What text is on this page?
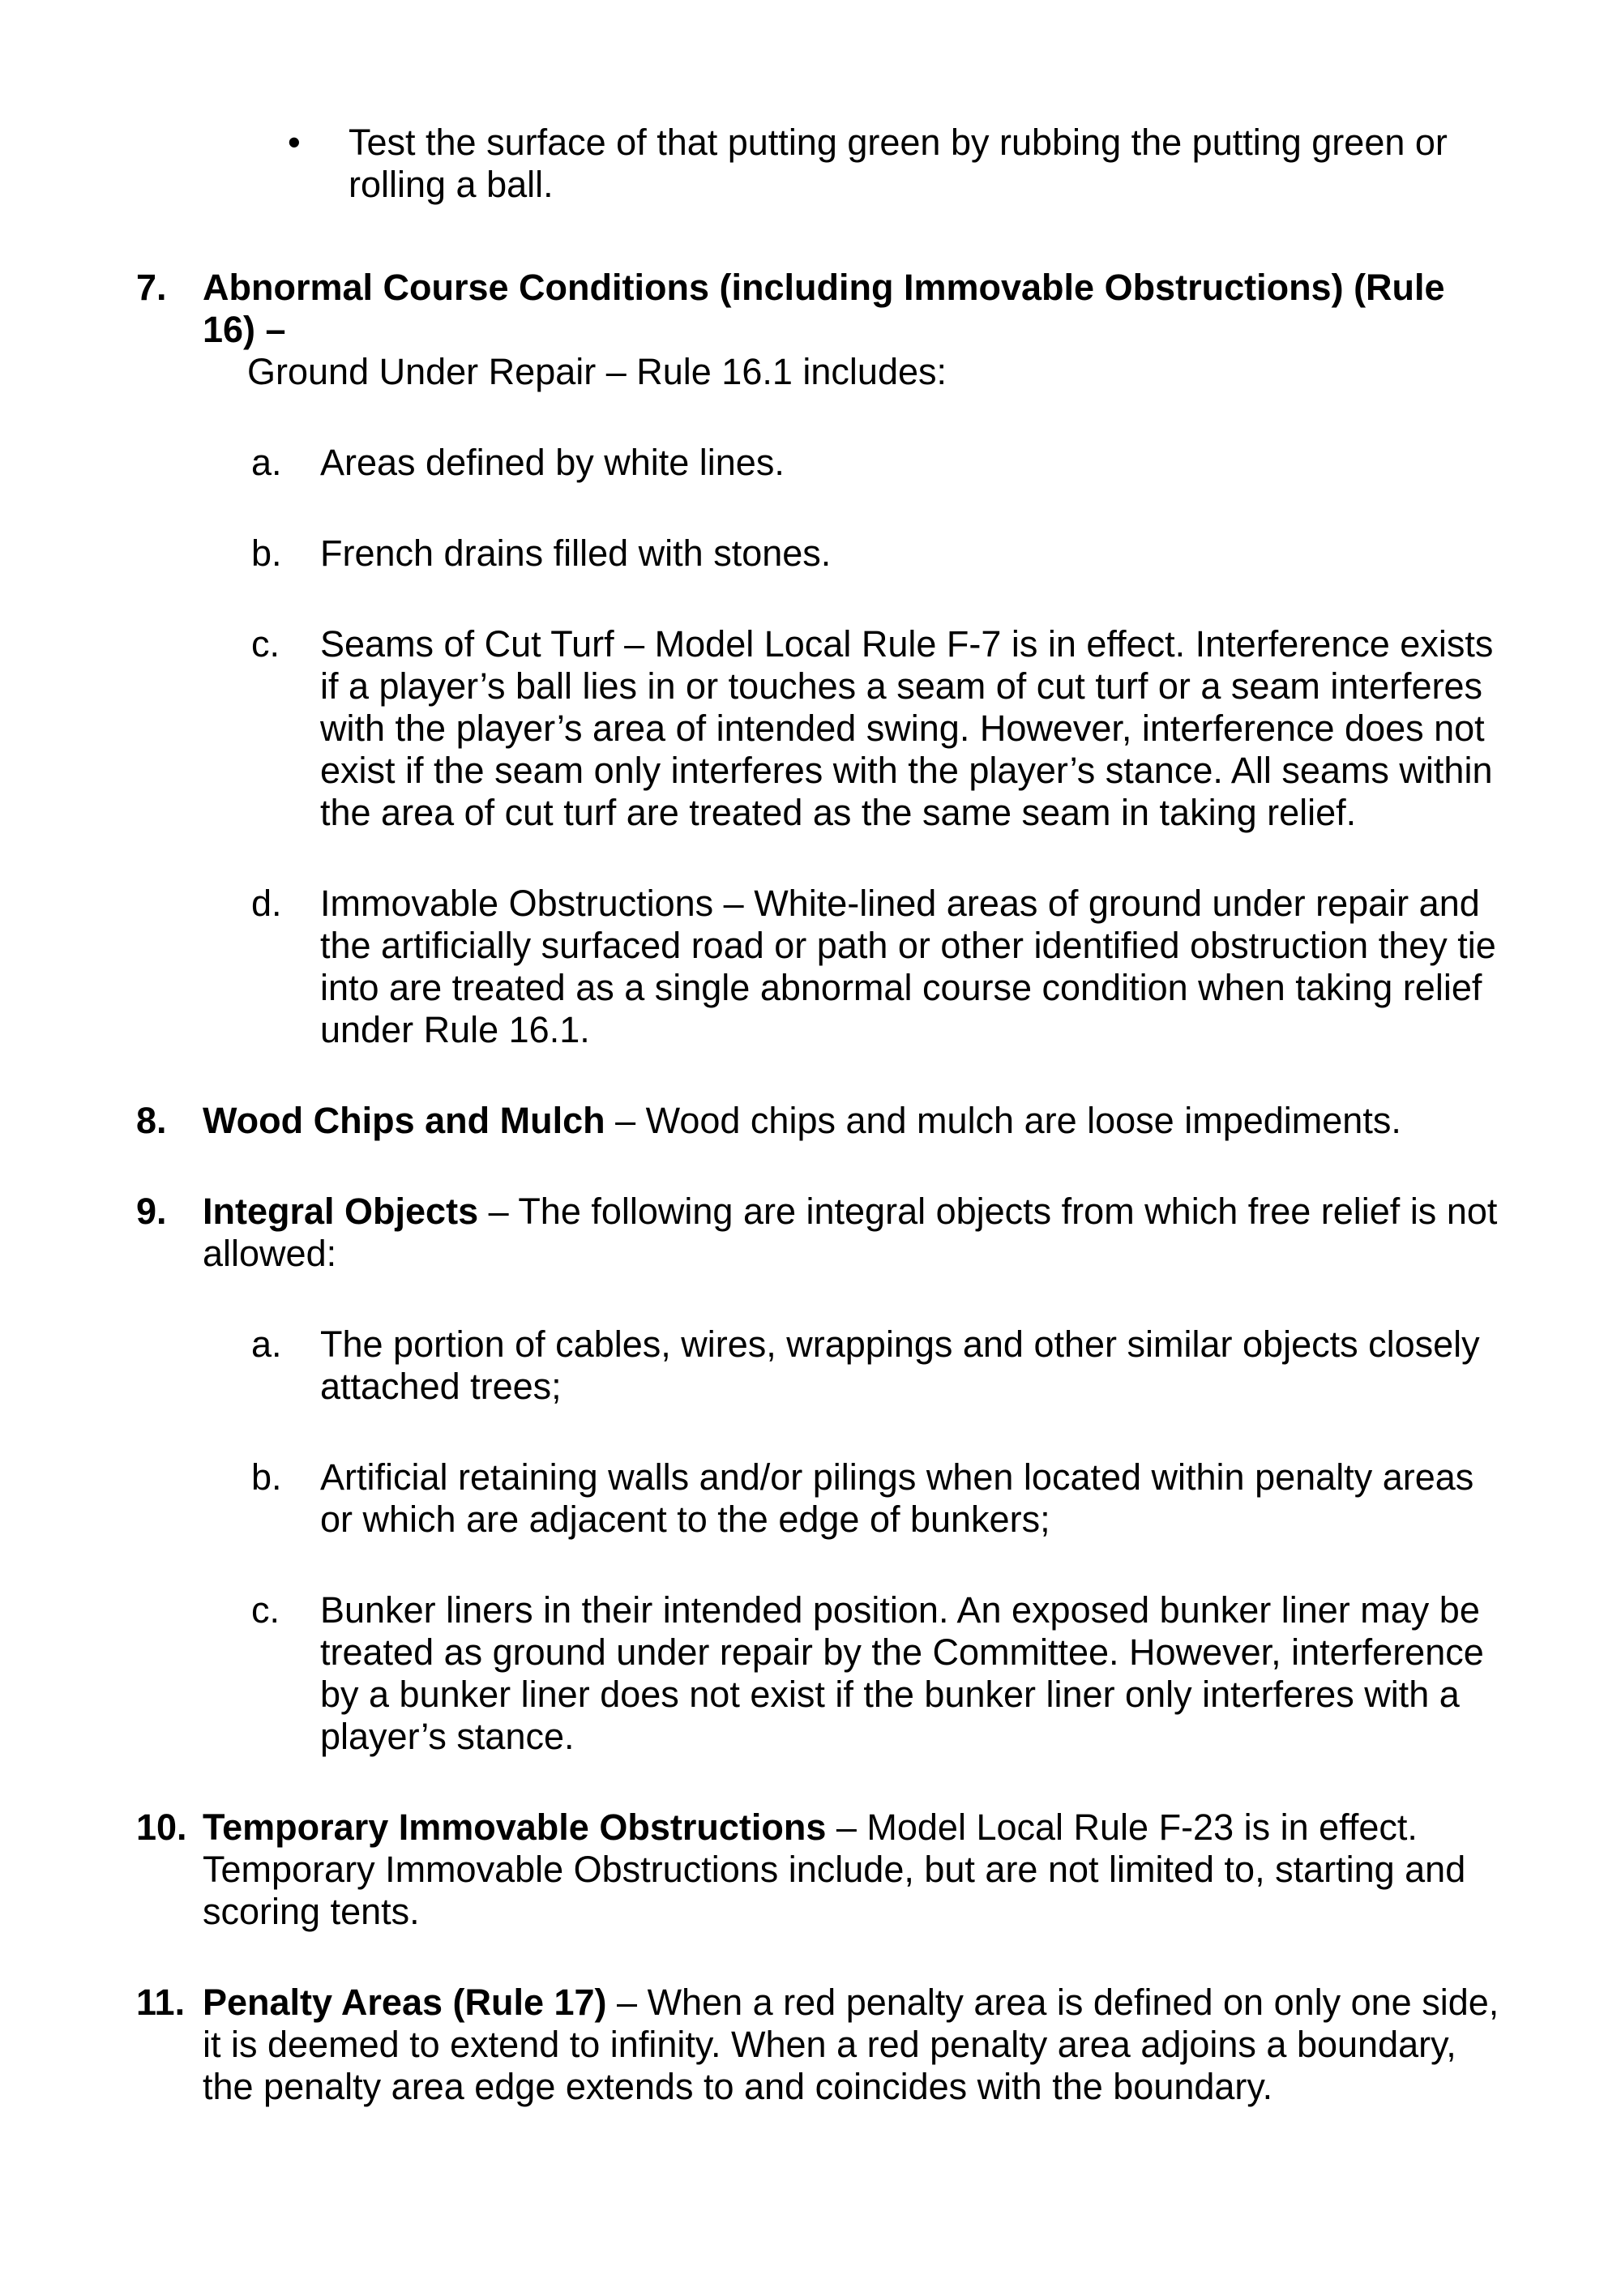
• Test the surface of that putting green by rubbing the putting green or rolling a ball.
7. Abnormal Course Conditions (including Immovable Obstructions) (Rule 16) –
Ground Under Repair – Rule 16.1 includes:
a. Areas defined by white lines.
b. French drains filled with stones.
c. Seams of Cut Turf – Model Local Rule F-7 is in effect. Interference exists if a player’s ball lies in or touches a seam of cut turf or a seam interferes with the player’s area of intended swing. However, interference does not exist if the seam only interferes with the player’s stance. All seams within the area of cut turf are treated as the same seam in taking relief.
d. Immovable Obstructions – White-lined areas of ground under repair and the artificially surfaced road or path or other identified obstruction they tie into are treated as a single abnormal course condition when taking relief under Rule 16.1.
8. Wood Chips and Mulch – Wood chips and mulch are loose impediments.
9. Integral Objects – The following are integral objects from which free relief is not allowed:
a. The portion of cables, wires, wrappings and other similar objects closely attached trees;
b. Artificial retaining walls and/or pilings when located within penalty areas or which are adjacent to the edge of bunkers;
c. Bunker liners in their intended position. An exposed bunker liner may be treated as ground under repair by the Committee. However, interference by a bunker liner does not exist if the bunker liner only interferes with a player’s stance.
10. Temporary Immovable Obstructions – Model Local Rule F-23 is in effect. Temporary Immovable Obstructions include, but are not limited to, starting and scoring tents.
11. Penalty Areas (Rule 17) – When a red penalty area is defined on only one side, it is deemed to extend to infinity. When a red penalty area adjoins a boundary, the penalty area edge extends to and coincides with the boundary.
